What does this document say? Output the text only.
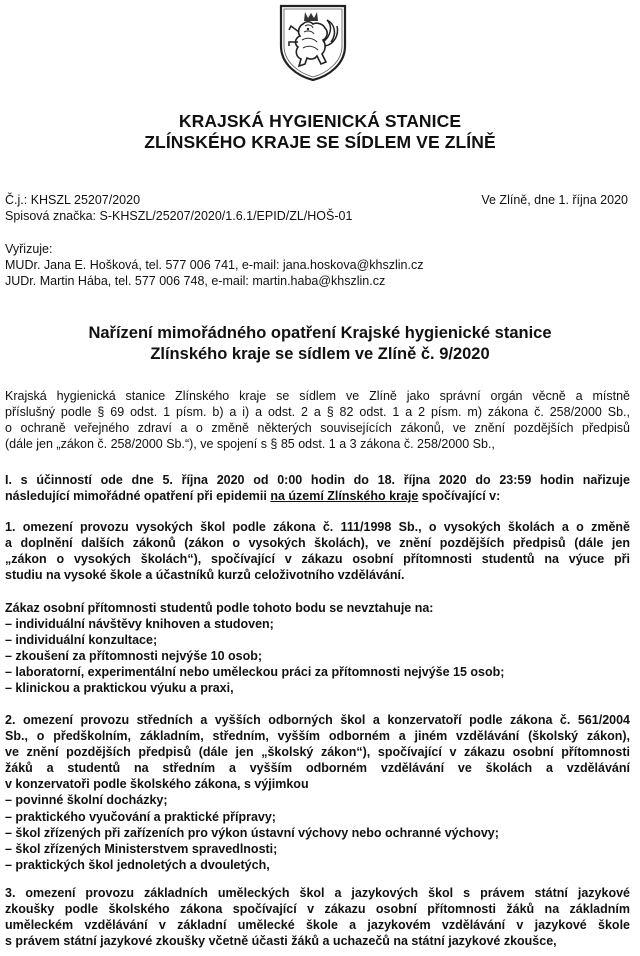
KRAJSKÁ HYGIENICKÁ STANICE
ZLÍNSKÉHO KRAJE SE SÍDLEM VE ZLÍNĚ
Č.j.: KHSZL 25207/2020
Spisová značka: S-KHSZL/25207/2020/1.6.1/EPID/ZL/HOŠ-01
Ve Zlíně, dne 1. října 2020
Vyřizuje:
MUDr. Jana E. Hošková, tel. 577 006 741, e-mail: jana.hoskova@khszlin.cz
JUDr. Martin Hába, tel. 577 006 748, e-mail: martin.haba@khszlin.cz
Nařízení mimořádného opatření Krajské hygienické stanice
Zlínského kraje se sídlem ve Zlíně č. 9/2020
Krajská hygienická stanice Zlínského kraje se sídlem ve Zlíně jako správní orgán věcně a místně
příslušný podle § 69 odst. 1 písm. b) a i) a odst. 2 a § 82 odst. 1 a 2 písm. m) zákona č. 258/2000 Sb.,
o ochraně veřejného zdraví a o změně některých souvisejících zákonů, ve znění pozdějších předpisů
(dále jen „zákon č. 258/2000 Sb.“), ve spojení s § 85 odst. 1 a 3 zákona č. 258/2000 Sb.,
I. s účinností ode dne 5. října 2020 od 0:00 hodin do 18. října 2020 do 23:59 hodin nařizuje
následující mimořádné opatření při epidemii na území Zlínského kraje spočívající v:
1. omezení provozu vysokých škol podle zákona č. 111/1998 Sb., o vysokých školách a o změně
a doplnění dalších zákonů (zákon o vysokých školách), ve znění pozdějších předpisů (dále jen
„zákon o vysokých školách“), spočívající v zákazu osobní přítomnosti studentů na výuce při
studiu na vysoké škole a účastníků kurzů celoživotního vzdělávání.
Zákaz osobní přítomnosti studentů podle tohoto bodu se nevztahuje na:
– individuální návštěvy knihoven a studoven;
– individuální konzultace;
– zkoušení za přítomnosti nejvýše 10 osob;
– laboratorní, experimentální nebo uměleckou práci za přítomnosti nejvýše 15 osob;
– klinickou a praktickou výuku a praxi,
2. omezení provozu středních a vyšších odborných škol a konzervatoří podle zákona č. 561/2004
Sb., o předškolním, základním, středním, vyšším odborném a jiném vzdělávání (školský zákon),
ve znění pozdějších předpisů (dále jen „školský zákon“), spočívající v zákazu osobní přítomnosti
žáků a studentů na středním a vyšším odborném vzdělávání ve školách a vzdělávání
v konzervatoři podle školského zákona, s výjimkou
– povinné školní docházky;
– praktického vyučování a praktické přípravy;
– škol zřízených při zařízeních pro výkon ústavní výchovy nebo ochranné výchovy;
– škol zřízených Ministerstvem spravedlnosti;
– praktických škol jednoletých a dvouletých,
3. omezení provozu základních uměleckých škol a jazykových škol s právem státní jazykové
zkoušky podle školského zákona spočívající v zákazu osobní přítomnosti žáků na základním
uměleckém vzdělávání v základní umělecké škole a jazykovém vzdělávání v jazykové škole
s právem státní jazykové zkoušky včetně účasti žáků a uchazečů na státní jazykové zkoušce,
